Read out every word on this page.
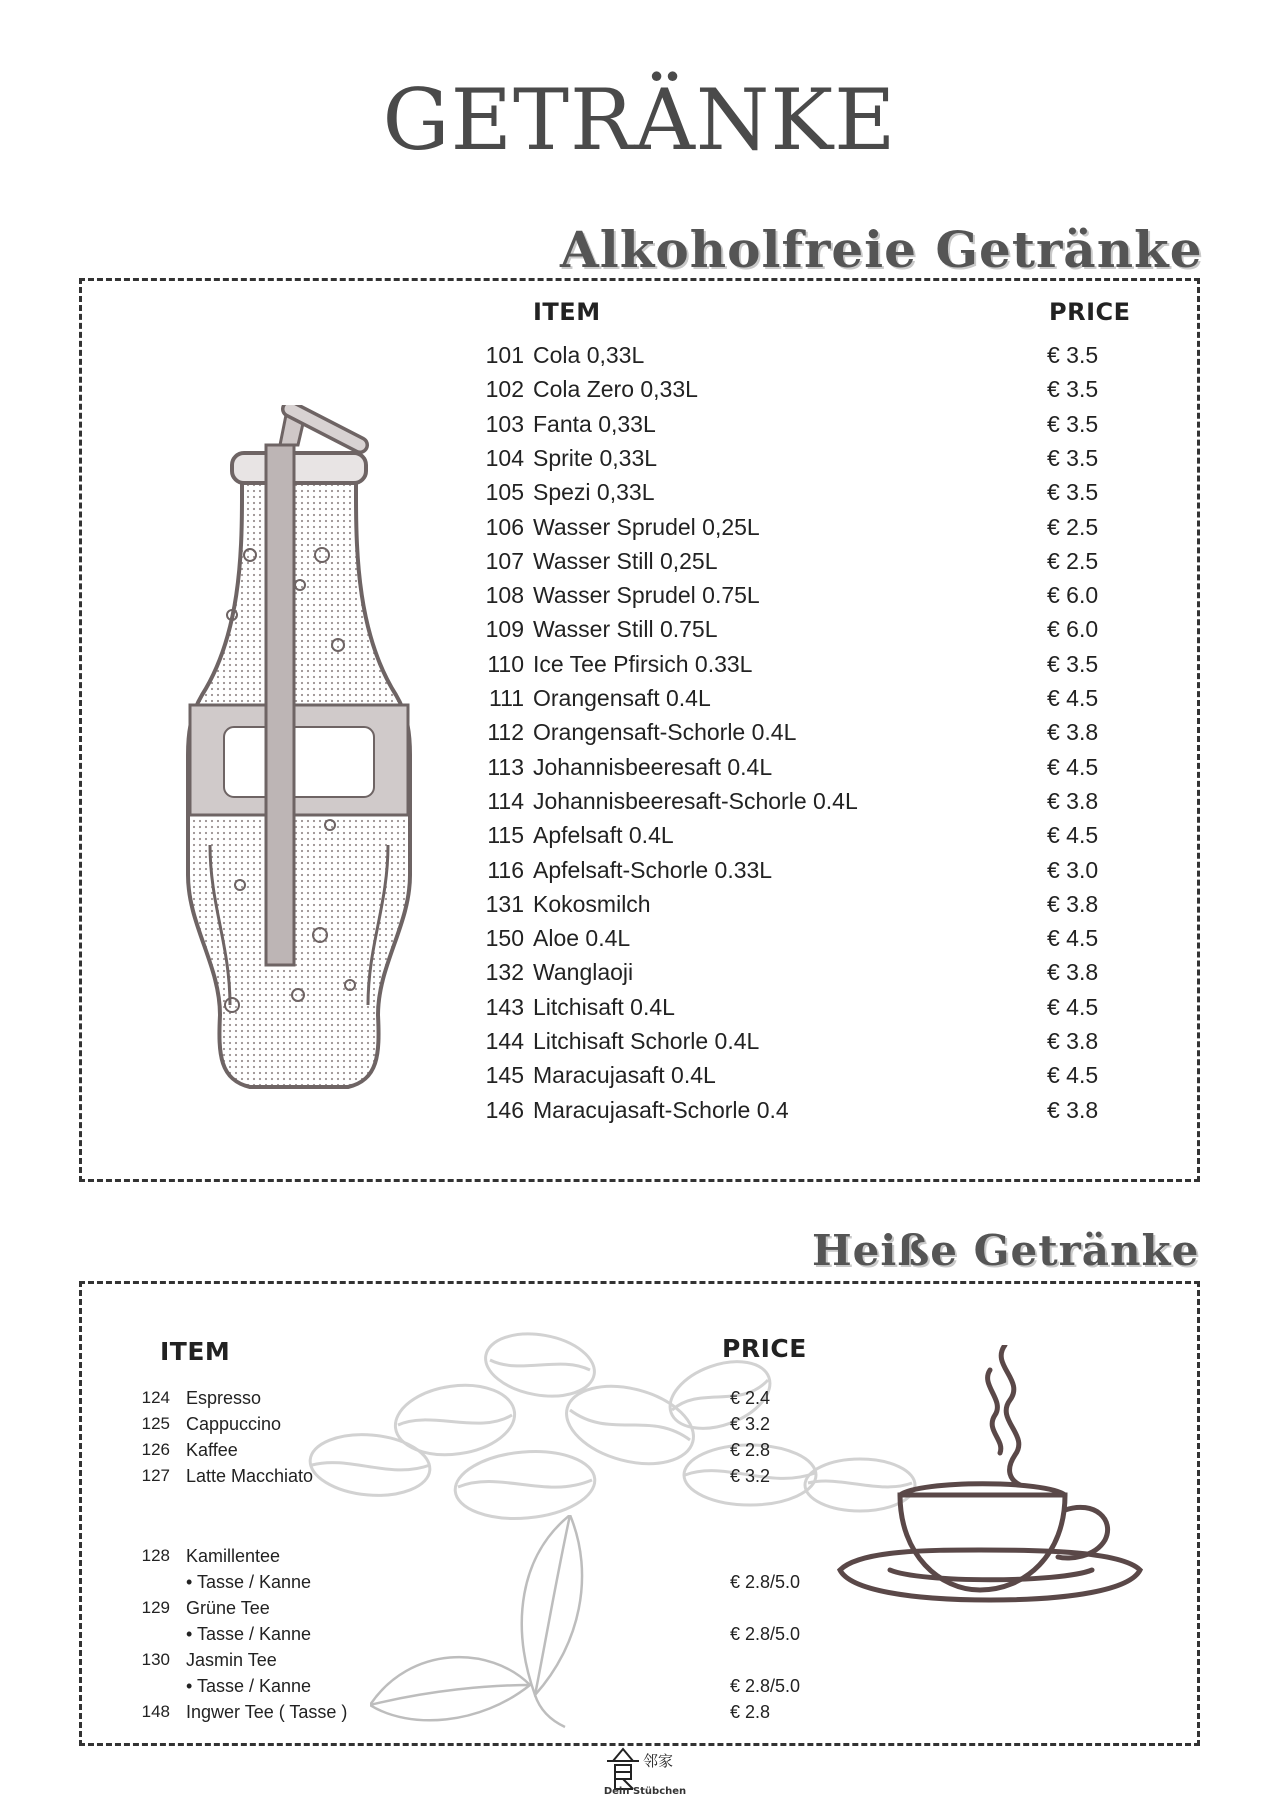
GETRÄNKE
Alkoholfreie Getränke
ITEM	PRICE
101 Cola 0,33L	€ 3.5
102 Cola Zero 0,33L	€ 3.5
103 Fanta 0,33L	€ 3.5
104 Sprite 0,33L	€ 3.5
105 Spezi 0,33L	€ 3.5
106 Wasser Sprudel 0,25L	€ 2.5
107 Wasser Still 0,25L	€ 2.5
108 Wasser Sprudel 0.75L	€ 6.0
109 Wasser Still 0.75L	€ 6.0
110 Ice Tee Pfirsich 0.33L	€ 3.5
111 Orangensaft 0.4L	€ 4.5
112 Orangensaft-Schorle 0.4L	€ 3.8
113 Johannisbeeresaft 0.4L	€ 4.5
114 Johannisbeeresaft-Schorle 0.4L	€ 3.8
115 Apfelsaft 0.4L	€ 4.5
116 Apfelsaft-Schorle 0.33L	€ 3.0
131 Kokosmilch	€ 3.8
150 Aloe 0.4L	€ 4.5
132 Wanglaoji	€ 3.8
143 Litchisaft 0.4L	€ 4.5
144 Litchisaft Schorle 0.4L	€ 3.8
145 Maracujasaft 0.4L	€ 4.5
146 Maracujasaft-Schorle 0.4	€ 3.8
Heiße Getränke
ITEM	PRICE
124 Espresso	€ 2.4
125 Cappuccino	€ 3.2
126 Kaffee	€ 2.8
127 Latte Macchiato	€ 3.2
128 Kamillentee
• Tasse / Kanne	€ 2.8/5.0
129 Grüne Tee
• Tasse / Kanne	€ 2.8/5.0
130 Jasmin Tee
• Tasse / Kanne	€ 2.8/5.0
148 Ingwer Tee ( Tasse )	€ 2.8
邻家
Dein Stübchen
